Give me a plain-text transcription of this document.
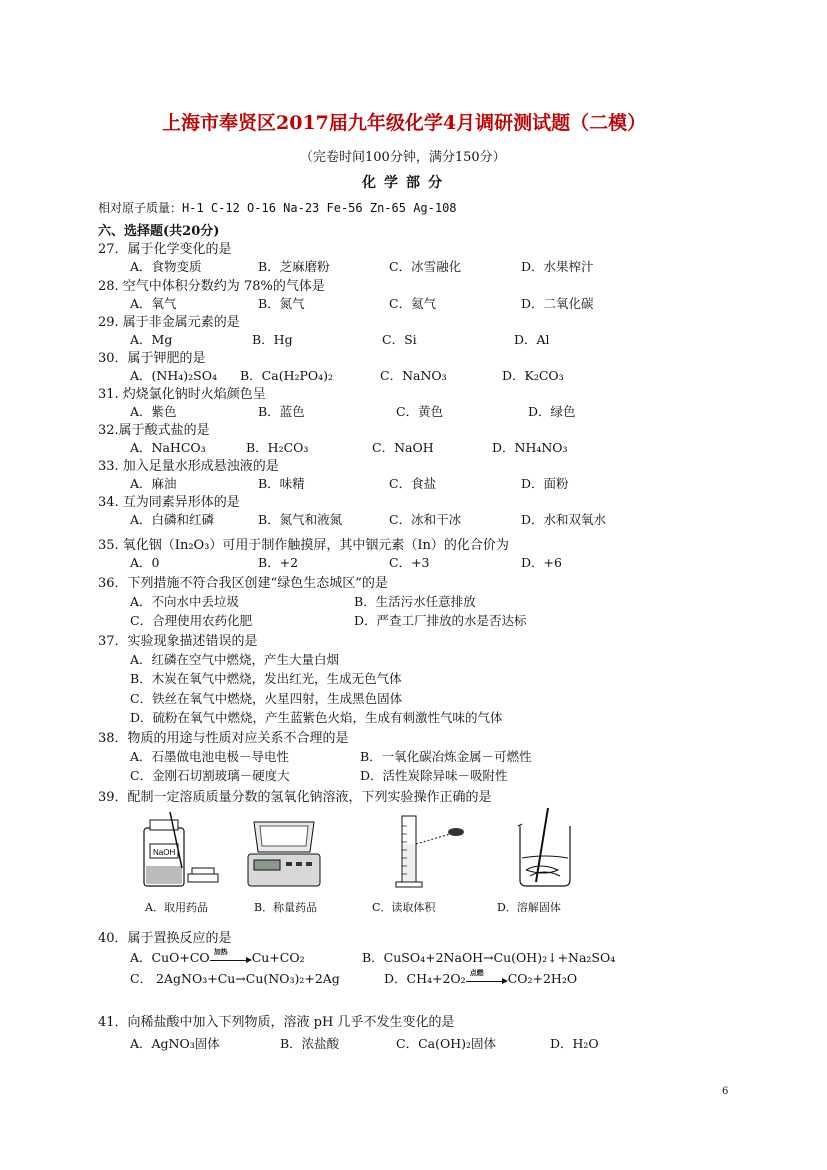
上海市奉贤区2017届九年级化学4月调研测试题（二模）
（完卷时间100分钟，满分150分）
化学部分
相对原子质量：H-1 C-12 O-16 Na-23 Fe-56 Zn-65 Ag-108
六、选择题(共20分)
27．属于化学变化的是
A．食物变质	B．芝麻磨粉	C．冰雪融化	D．水果榨汁
28. 空气中体积分数约为 78%的气体是
A．氧气	B．氮气	C．氦气	D．二氧化碳
29. 属于非金属元素的是
A．Mg	B．Hg	C．Si	D．Al
30．属于钾肥的是
A．(NH₄)₂SO₄ B．Ca(H₂PO₄)₂	C．NaNO₃	D．K₂CO₃
31. 灼烧氯化钠时火焰颜色呈
A．紫色	B．蓝色	C．黄色	D．绿色
32.属于酸式盐的是
A．NaHCO₃	B．H₂CO₃	C．NaOH	D．NH₄NO₃
33. 加入足量水形成悬浊液的是
A．麻油	B．味精	C．食盐	D．面粉
34. 互为同素异形体的是
A．白磷和红磷	B．氮气和液氮	C．冰和干冰	D．水和双氧水
35. 氧化铟（In₂O₃）可用于制作触摸屏，其中铟元素（In）的化合价为
A．0	B．+2	C．+3	D．+6
36．下列措施不符合我区创建“绿色生态城区”的是
A．不向水中丢垃圾	B．生活污水任意排放
C．合理使用农药化肥	D．严查工厂排放的水是否达标
37．实验现象描述错误的是
A．红磷在空气中燃烧，产生大量白烟
B．木炭在氧气中燃烧，发出红光，生成无色气体
C．铁丝在氧气中燃烧，火星四射，生成黑色固体
D．硫粉在氧气中燃烧，产生蓝紫色火焰，生成有刺激性气味的气体
38．物质的用途与性质对应关系不合理的是
A．石墨做电池电极－导电性	B．一氧化碳冶炼金属－可燃性
C．金刚石切割玻璃－硬度大	D．活性炭除异味－吸附性
39．配制一定溶质质量分数的氢氧化钠溶液，下列实验操作正确的是
NaOH
A．取用药品	B．称量药品	C．读取体积	D．溶解固体
40．属于置换反应的是
A．CuO+CO 加热 Cu+CO₂	B．CuSO₄+2NaOH→Cu(OH)₂↓+Na₂SO₄
C． 2AgNO₃+Cu→Cu(NO₃)₂+2Ag	D．CH₄+2O₂ 点燃 CO₂+2H₂O
41．向稀盐酸中加入下列物质，溶液 pH 几乎不发生变化的是
A．AgNO₃固体	B．浓盐酸	C．Ca(OH)₂固体	D．H₂O
6
